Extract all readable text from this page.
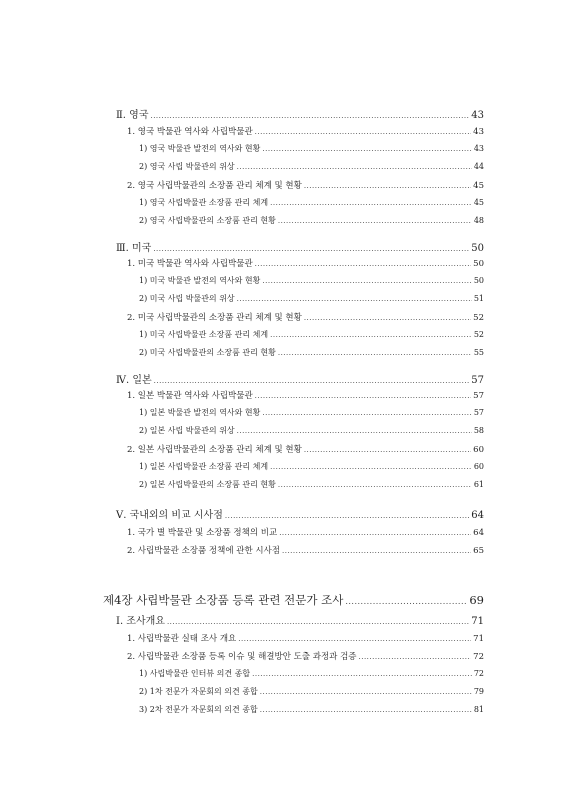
Ⅱ. 영국 .....	43
1. 영국 박물관 역사와 사립박물관 .....	43
1) 영국 박물관 발전의 역사와 현황 .....	43
2) 영국 사립 박물관의 위상 .....	44
2. 영국 사립박물관의 소장품 관리 체계 및 현황 .....	45
1) 영국 사립박물관 소장품 관리 체계 .....	45
2) 영국 사립박물관의 소장품 관리 현황 .....	48
Ⅲ. 미국 .....	50
1. 미국 박물관 역사와 사립박물관 .....	50
1) 미국 박물관 발전의 역사와 현황 .....	50
2) 미국 사립 박물관의 위상 .....	51
2. 미국 사립박물관의 소장품 관리 체계 및 현황 .....	52
1) 미국 사립박물관 소장품 관리 체계 .....	52
2) 미국 사립박물관의 소장품 관리 현황 .....	55
Ⅳ. 일본 .....	57
1. 일본 박물관 역사와 사립박물관 .....	57
1) 일본 박물관 발전의 역사와 현황 .....	57
2) 일본 사립 박물관의 위상 .....	58
2. 일본 사립박물관의 소장품 관리 체계 및 현황 .....	60
1) 일본 사립박물관 소장품 관리 체계 .....	60
2) 일본 사립박물관의 소장품 관리 현황 .....	61
Ⅴ. 국내외의 비교 시사점 .....	64
1. 국가 별 박물관 및 소장품 정책의 비교 .....	64
2. 사립박물관 소장품 정책에 관한 시사점 .....	65
제4장 사립박물관 소장품 등록 관련 전문가 조사 .....	69
Ⅰ. 조사개요 .....	71
1. 사립박물관 실태 조사 개요 .....	71
2. 사립박물관 소장품 등록 이슈 및 해결방안 도출 과정과 검증 .....	72
1) 사립박물관 인터뷰 의견 종합 .....	72
2) 1차 전문가 자문회의 의견 종합 .....	79
3) 2차 전문가 자문회의 의견 종합 .....	81
